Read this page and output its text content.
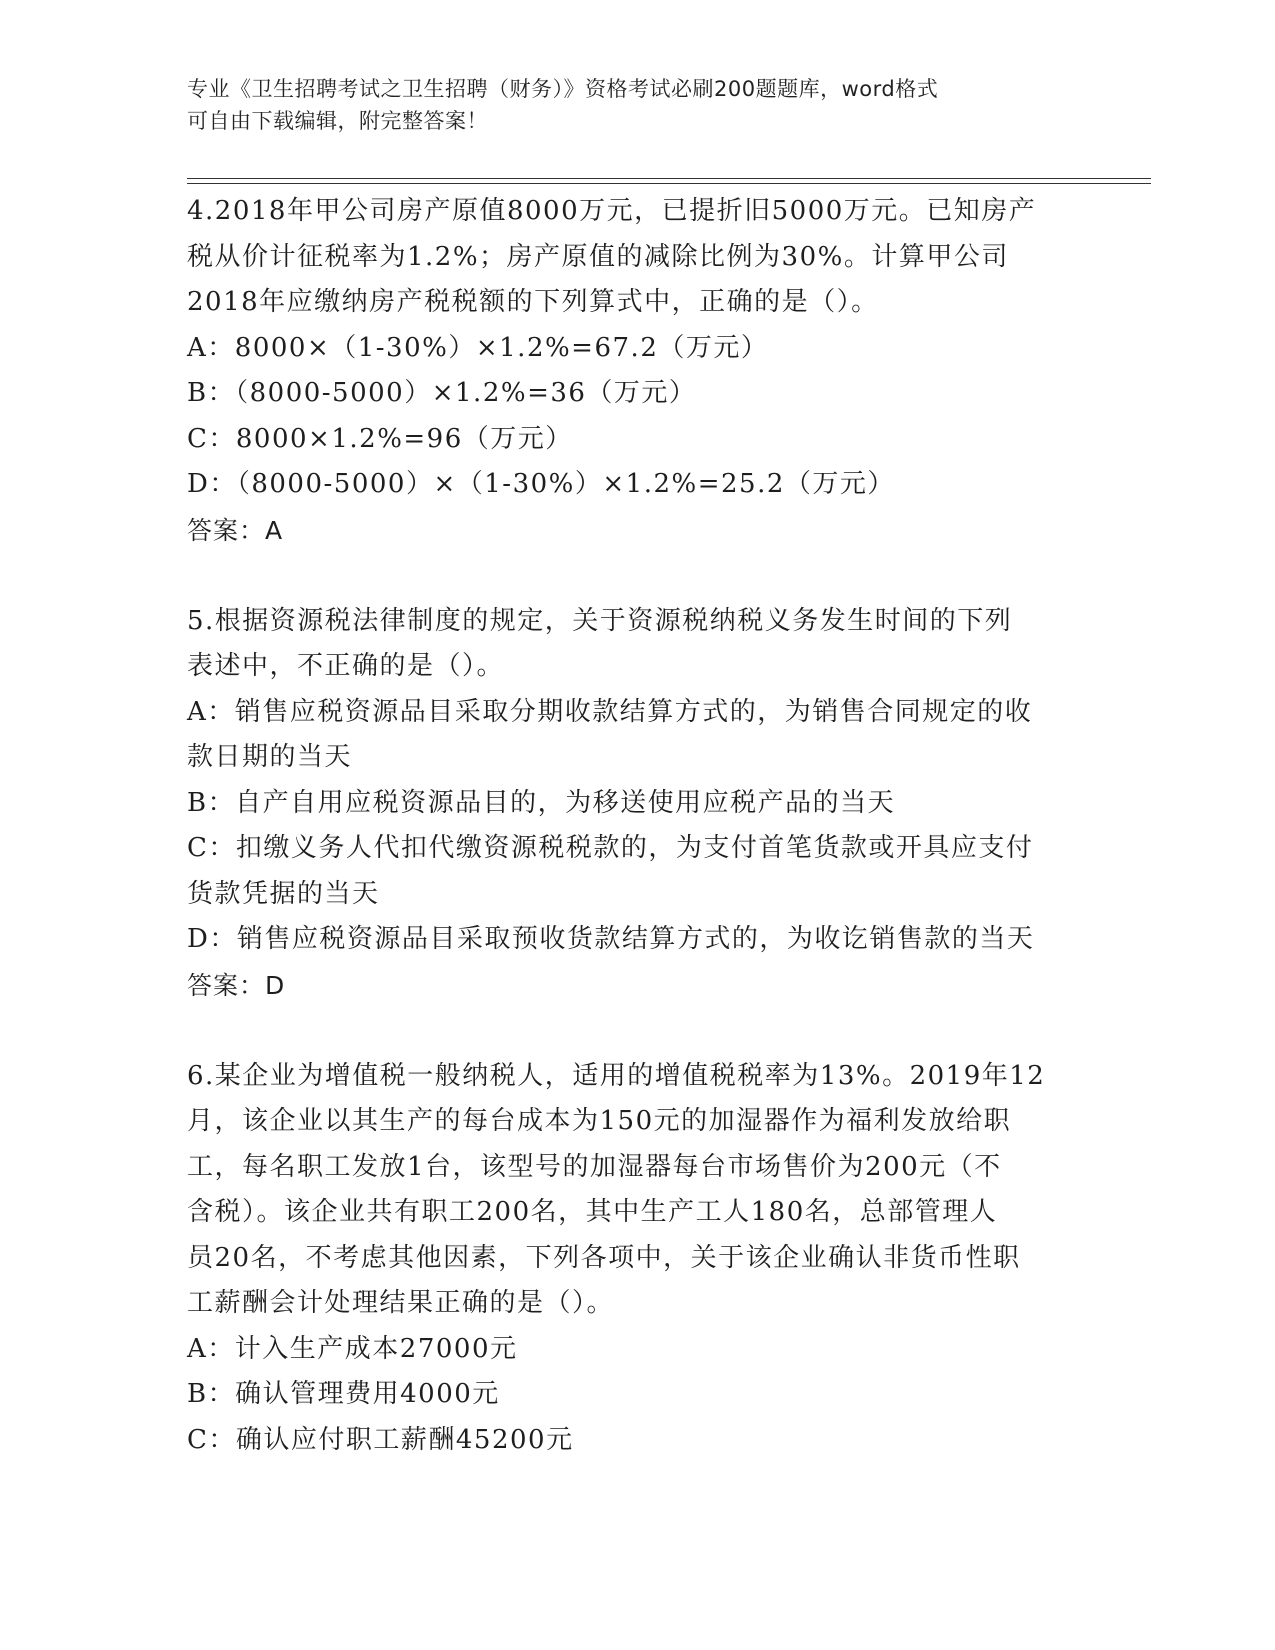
专业《卫生招聘考试之卫生招聘（财务）》资格考试必刷200题题库，word格式
可自由下载编辑，附完整答案！
4.2018年甲公司房产原值8000万元，已提折旧5000万元。已知房产
税从价计征税率为1.2%；房产原值的减除比例为30%。计算甲公司
2018年应缴纳房产税税额的下列算式中，正确的是（）。
A：8000×（1-30%）×1.2%=67.2（万元）
B：（8000-5000）×1.2%=36（万元）
C：8000×1.2%=96（万元）
D：（8000-5000）×（1-30%）×1.2%=25.2（万元）
答案：A
5.根据资源税法律制度的规定，关于资源税纳税义务发生时间的下列
表述中，不正确的是（）。
A：销售应税资源品目采取分期收款结算方式的，为销售合同规定的收
款日期的当天
B：自产自用应税资源品目的，为移送使用应税产品的当天
C：扣缴义务人代扣代缴资源税税款的，为支付首笔货款或开具应支付
货款凭据的当天
D：销售应税资源品目采取预收货款结算方式的，为收讫销售款的当天
答案：D
6.某企业为增值税一般纳税人，适用的增值税税率为13%。2019年12
月，该企业以其生产的每台成本为150元的加湿器作为福利发放给职
工，每名职工发放1台，该型号的加湿器每台市场售价为200元（不
含税）。该企业共有职工200名，其中生产工人180名，总部管理人
员20名，不考虑其他因素，下列各项中，关于该企业确认非货币性职
工薪酬会计处理结果正确的是（）。
A：计入生产成本27000元
B：确认管理费用4000元
C：确认应付职工薪酬45200元
